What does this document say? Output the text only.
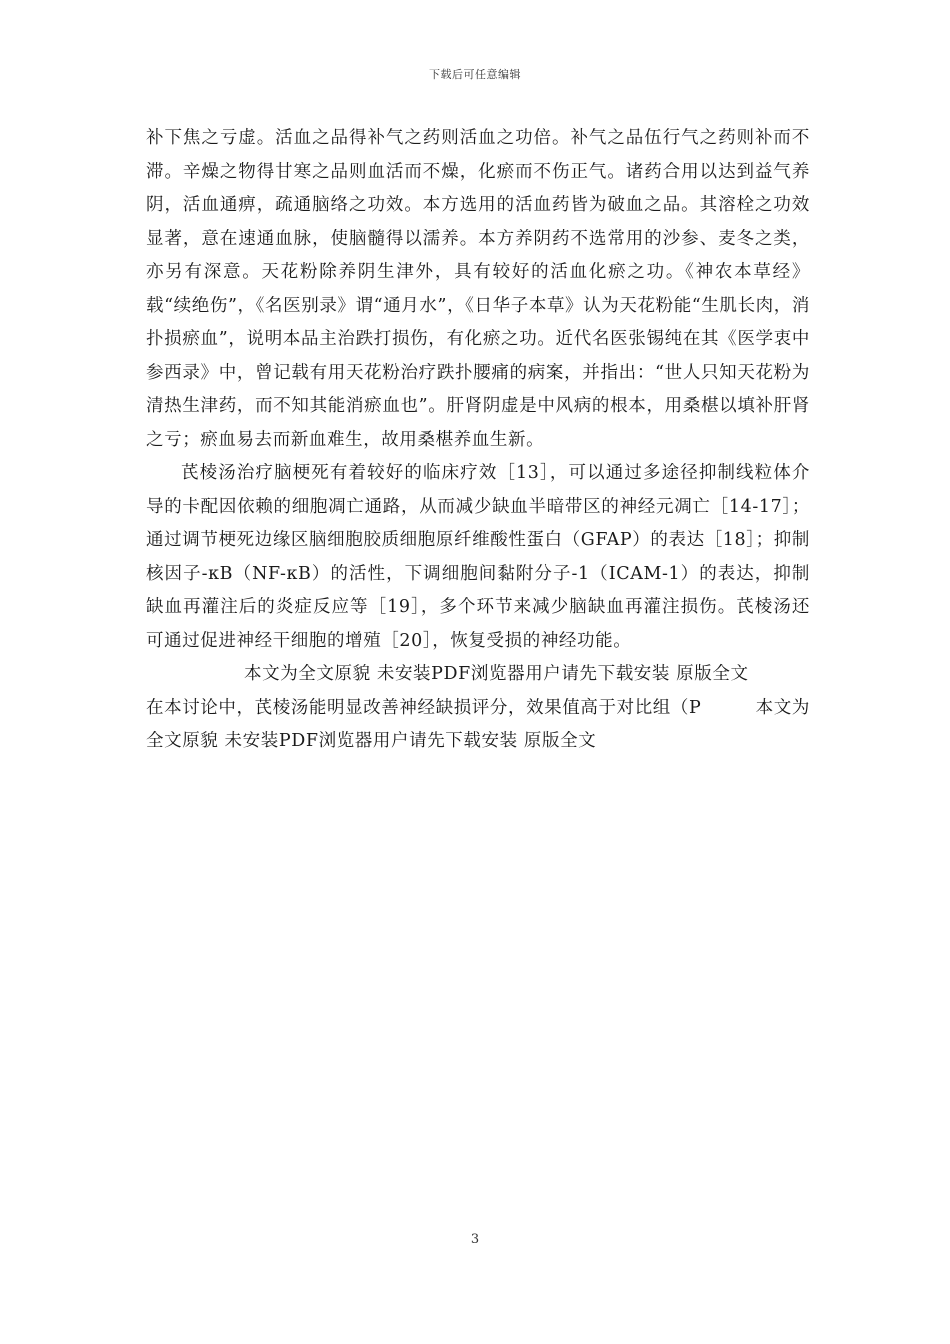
下载后可任意编辑

补下焦之亏虚。活血之品得补气之药则活血之功倍。补气之品伍行气之药则补而不滞。辛燥之物得甘寒之品则血活而不燥，化瘀而不伤正气。诸药合用以达到益气养阴，活血通痹，疏通脑络之功效。本方选用的活血药皆为破血之品。其溶栓之功效显著，意在速通血脉，使脑髓得以濡养。本方养阴药不选常用的沙参、麦冬之类，亦另有深意。天花粉除养阴生津外，具有较好的活血化瘀之功。《神农本草经》载“续绝伤”，《名医别录》谓“通月水”，《日华子本草》认为天花粉能“生肌长肉，消扑损瘀血”，说明本品主治跌打损伤，有化瘀之功。近代名医张锡纯在其《医学衷中参西录》中，曾记载有用天花粉治疗跌扑腰痛的病案，并指出：“世人只知天花粉为清热生津药，而不知其能消瘀血也”。肝肾阴虚是中风病的根本，用桑椹以填补肝肾之亏；瘀血易去而新血难生，故用桑椹养血生新。

芪棱汤治疗脑梗死有着较好的临床疗效［13］，可以通过多途径抑制线粒体介导的卡配因依赖的细胞凋亡通路，从而减少缺血半暗带区的神经元凋亡［14-17］；通过调节梗死边缘区脑细胞胶质细胞原纤维酸性蛋白（GFAP）的表达［18］；抑制核因子-κB（NF-κB）的活性，下调细胞间黏附分子-1（ICAM-1）的表达，抑制缺血再灌注后的炎症反应等［19］，多个环节来减少脑缺血再灌注损伤。芪棱汤还可通过促进神经干细胞的增殖［20］，恢复受损的神经功能。

本文为全文原貌 未安装PDF浏览器用户请先下载安装 原版全文

在本讨论中，芪棱汤能明显改善神经缺损评分，效果值高于对比组（P　　　本文为全文原貌 未安装PDF浏览器用户请先下载安装 原版全文

3
